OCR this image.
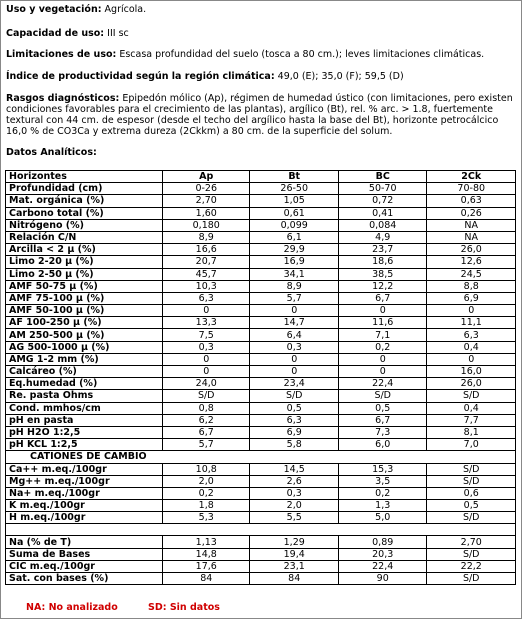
Uso y vegetación: Agrícola.
Capacidad de uso: III sc
Limitaciones de uso: Escasa profundidad del suelo (tosca a 80 cm.); leves limitaciones climáticas.
Índice de productividad según la región climática: 49,0 (E); 35,0 (F); 59,5 (D)
Rasgos diagnósticos: Epipedón mólico (Ap), régimen de humedad ústico (con limitaciones, pero existen condiciones favorables para el crecimiento de las plantas), argílico (Bt), rel. % arc. > 1.8, fuertemente textural con 44 cm. de espesor (desde el techo del argílico hasta la base del Bt), horizonte petrocálcico 16,0 % de CO3Ca y extrema dureza (2Ckkm) a 80 cm. de la superficie del solum.
Datos Analíticos:
Horizontes	Ap	Bt	BC	2Ck
Profundidad (cm)	0-26	26-50	50-70	70-80
Mat. orgánica (%)	2,70	1,05	0,72	0,63
Carbono total (%)	1,60	0,61	0,41	0,26
Nitrógeno (%)	0,180	0,099	0,084	NA
Relación C/N	8,9	6,1	4,9	NA
Arcilla < 2 μ (%)	16,6	29,9	23,7	26,0
Limo 2-20 μ (%)	20,7	16,9	18,6	12,6
Limo 2-50 μ (%)	45,7	34,1	38,5	24,5
AMF 50-75 μ (%)	10,3	8,9	12,2	8,8
AMF 75-100 μ (%)	6,3	5,7	6,7	6,9
AMF 50-100 μ (%)	0	0	0	0
AF 100-250 μ (%)	13,3	14,7	11,6	11,1
AM 250-500 μ (%)	7,5	6,4	7,1	6,3
AG 500-1000 μ (%)	0,3	0,3	0,2	0,4
AMG 1-2 mm (%)	0	0	0	0
Calcáreo (%)	0	0	0	16,0
Eq.humedad (%)	24,0	23,4	22,4	26,0
Re. pasta Ohms	S/D	S/D	S/D	S/D
Cond. mmhos/cm	0,8	0,5	0,5	0,4
pH en pasta	6,2	6,3	6,7	7,7
pH H2O 1:2,5	6,7	6,9	7,3	8,1
pH KCL 1:2,5	5,7	5,8	6,0	7,0
CATIONES DE CAMBIO				
Ca++ m.eq./100gr	10,8	14,5	15,3	S/D
Mg++ m.eq./100gr	2,0	2,6	3,5	S/D
Na+ m.eq./100gr	0,2	0,3	0,2	0,6
K m.eq./100gr	1,8	2,0	1,3	0,5
H m.eq./100gr	5,3	5,5	5,0	S/D

Na (% de T)	1,13	1,29	0,89	2,70
Suma de Bases	14,8	19,4	20,3	S/D
CIC m.eq./100gr	17,6	23,1	22,4	22,2
Sat. con bases (%)	84	84	90	S/D
NA: No analizado	SD: Sin datos
